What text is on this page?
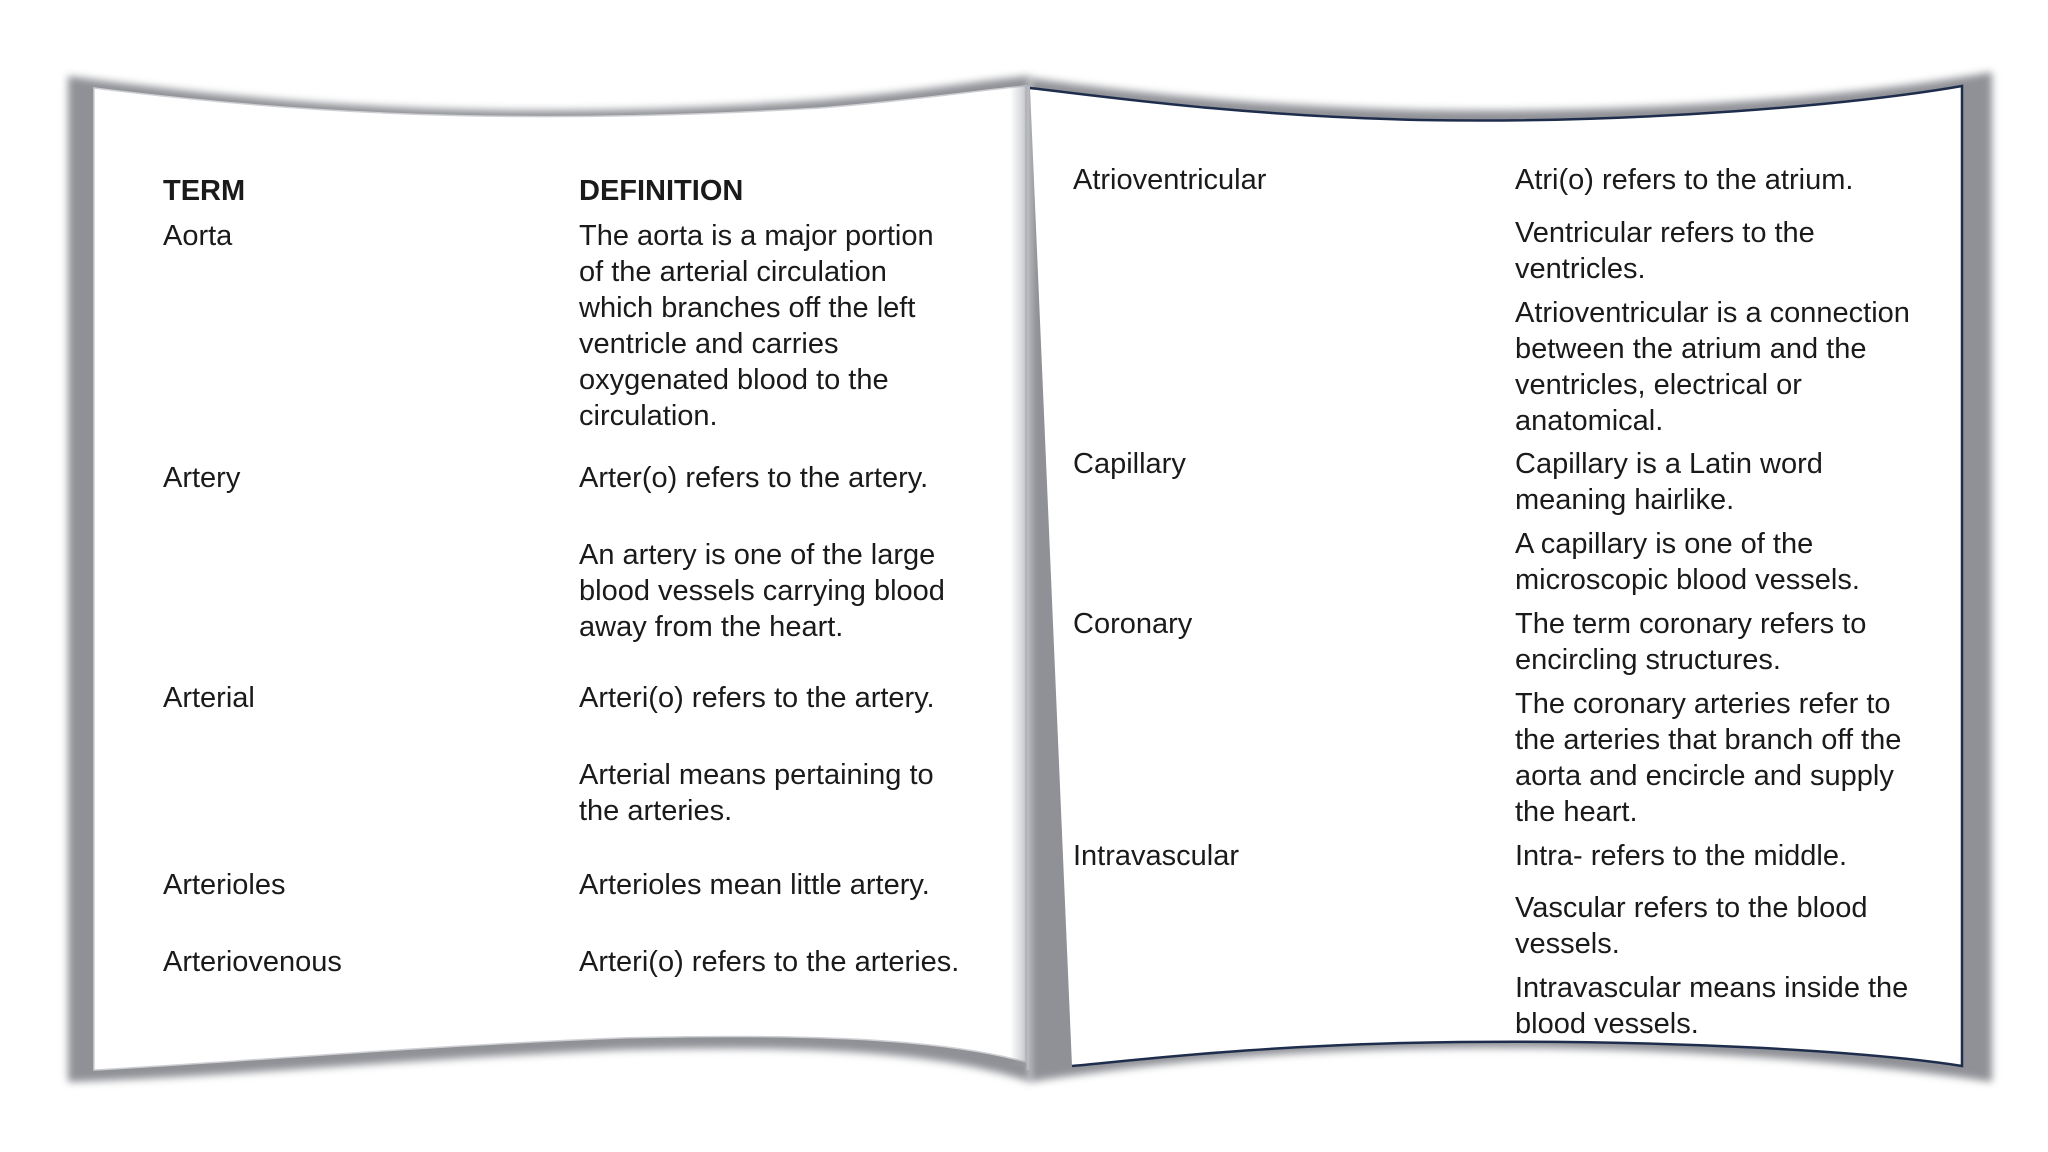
TERM	DEFINITION

Aorta	The aorta is a major portion
of the arterial circulation
which branches off the left
ventricle and carries
oxygenated blood to the
circulation.

Artery	Arter(o) refers to the artery.

An artery is one of the large
blood vessels carrying blood
away from the heart.

Arterial	Arteri(o) refers to the artery.

Arterial means pertaining to
the arteries.

Arterioles	Arterioles mean little artery.

Arteriovenous	Arteri(o) refers to the arteries.

Atrioventricular	Atri(o) refers to the atrium.

Ventricular refers to the
ventricles.

Atrioventricular is a connection
between the atrium and the
ventricles, electrical or
anatomical.

Capillary	Capillary is a Latin word
meaning hairlike.

A capillary is one of the
microscopic blood vessels.

Coronary	The term coronary refers to
encircling structures.

The coronary arteries refer to
the arteries that branch off the
aorta and encircle and supply
the heart.

Intravascular	Intra- refers to the middle.

Vascular refers to the blood
vessels.

Intravascular means inside the
blood vessels.
